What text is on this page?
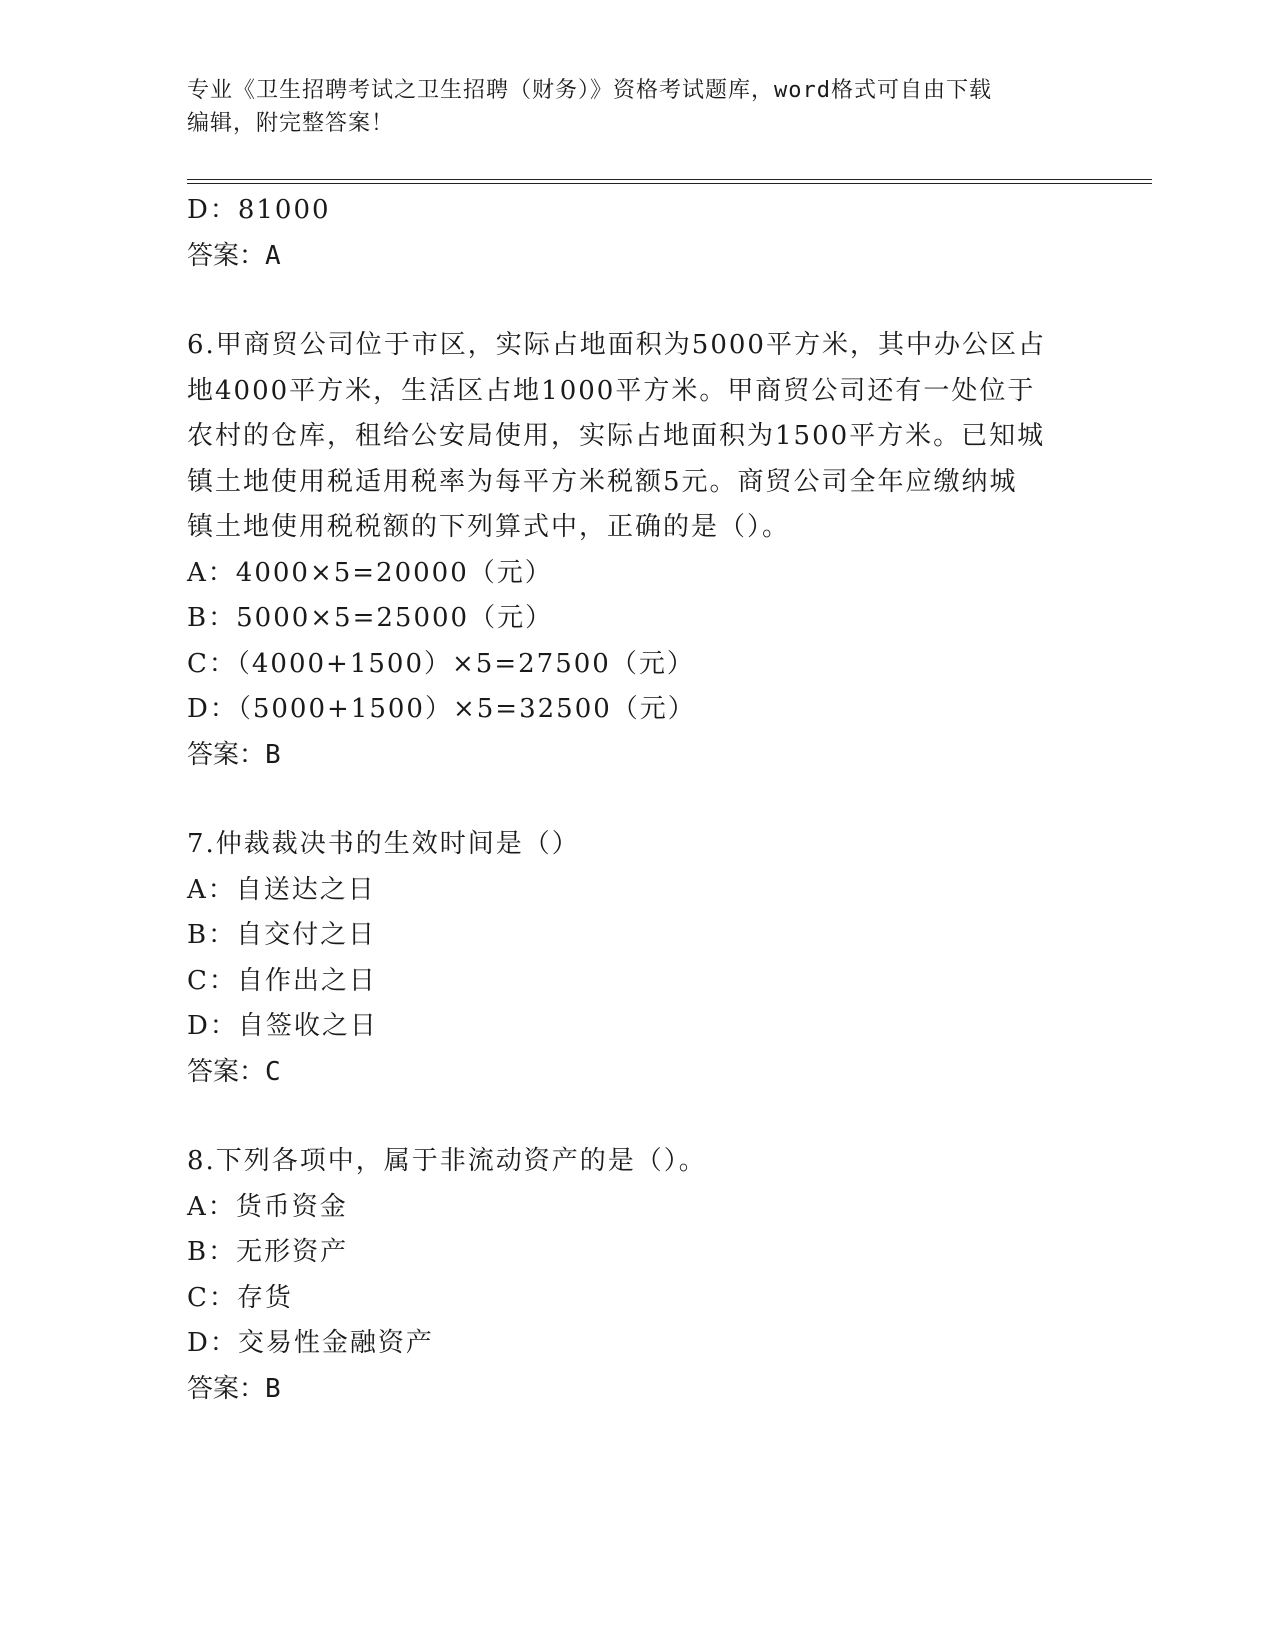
专业《卫生招聘考试之卫生招聘（财务）》资格考试题库，word格式可自由下载
编辑，附完整答案！
D：81000
答案：A
6.甲商贸公司位于市区，实际占地面积为5000平方米，其中办公区占
地4000平方米，生活区占地1000平方米。甲商贸公司还有一处位于
农村的仓库，租给公安局使用，实际占地面积为1500平方米。已知城
镇土地使用税适用税率为每平方米税额5元。商贸公司全年应缴纳城
镇土地使用税税额的下列算式中，正确的是（）。
A：4000×5=20000（元）
B：5000×5=25000（元）
C：（4000+1500）×5=27500（元）
D：（5000+1500）×5=32500（元）
答案：B
7.仲裁裁决书的生效时间是（）
A：自送达之日
B：自交付之日
C：自作出之日
D：自签收之日
答案：C
8.下列各项中，属于非流动资产的是（）。
A：货币资金
B：无形资产
C：存货
D：交易性金融资产
答案：B
